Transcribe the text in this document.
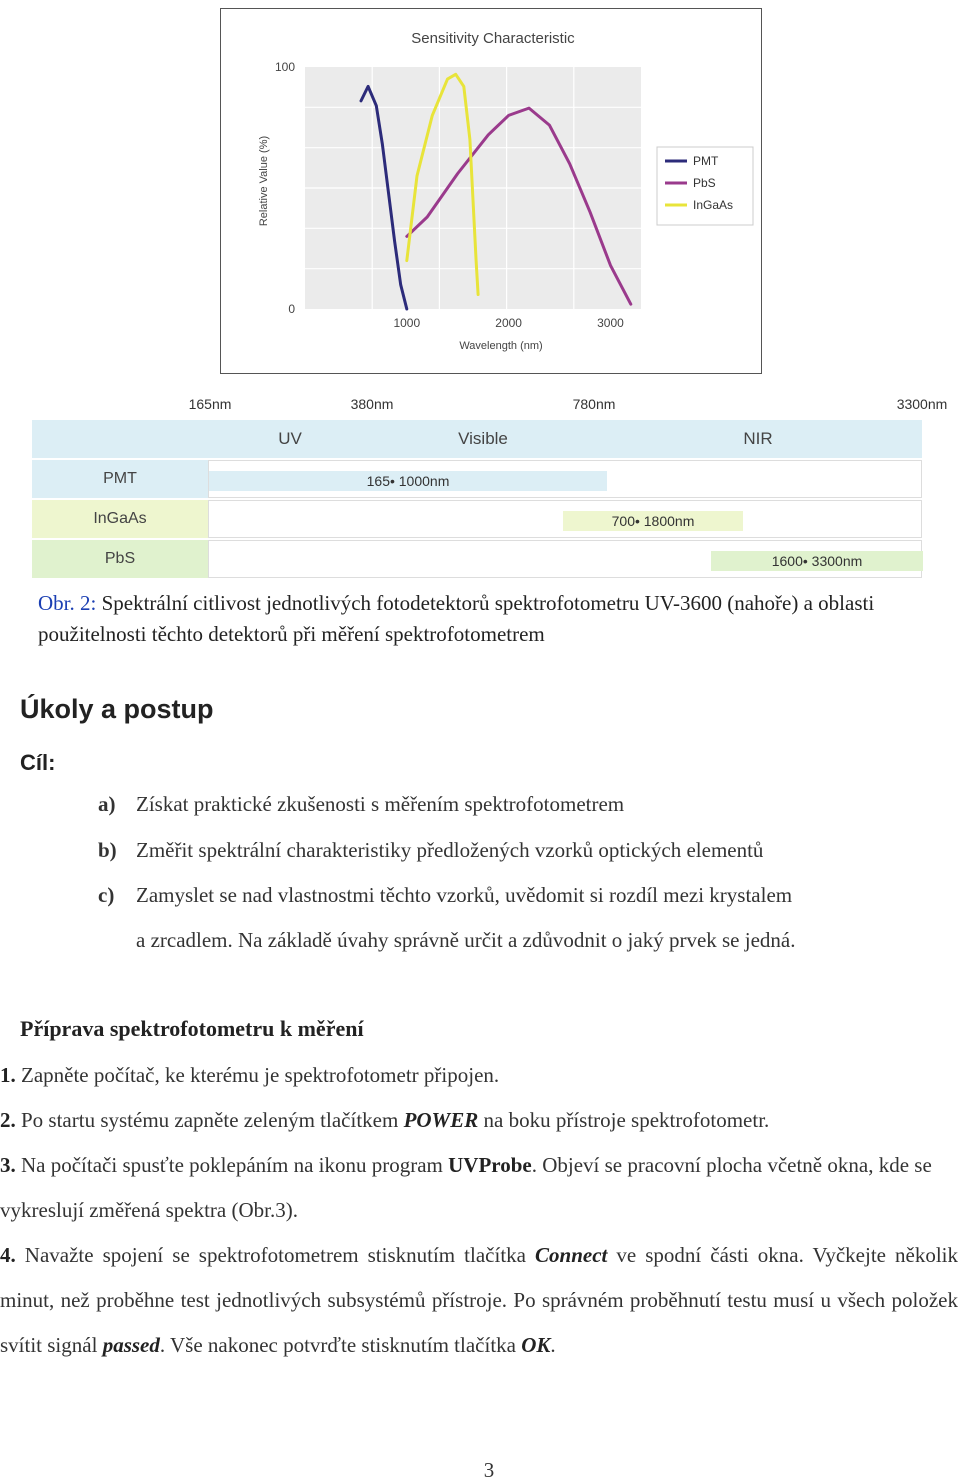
Sensitivity Characteristic
Wavelength (nm)
Relative Value (%)
1000	2000	3000
0
100
PMT
PbS
InGaAs
165nm	380nm	780nm	3300nm
UV	Visible	NIR
PMT	165• 1000nm
InGaAs	700• 1800nm
PbS	1600• 3300nm
Obr. 2: Spektrální citlivost jednotlivých fotodetektorů spektrofotometru UV-3600 (nahoře) a oblasti použitelnosti těchto detektorů při měření spektrofotometrem
Úkoly a postup
Cíl:
a) Získat praktické zkušenosti s měřením spektrofotometrem
b) Změřit spektrální charakteristiky předložených vzorků optických elementů
c) Zamyslet se nad vlastnostmi těchto vzorků, uvědomit si rozdíl mezi krystalem
a zrcadlem. Na základě úvahy správně určit a zdůvodnit o jaký prvek se jedná.
Příprava spektrofotometru k měření
1. Zapněte počítač, ke kterému je spektrofotometr připojen.
2. Po startu systému zapněte zeleným tlačítkem POWER na boku přístroje spektrofotometr.
3. Na počítači spusťte poklepáním na ikonu program UVProbe. Objeví se pracovní plocha včetně okna, kde se vykreslují změřená spektra (Obr.3).
4. Navažte spojení se spektrofotometrem stisknutím tlačítka Connect ve spodní části okna. Vyčkejte několik minut, než proběhne test jednotlivých subsystémů přístroje. Po správném proběhnutí testu musí u všech položek svítit signál passed. Vše nakonec potvrďte stisknutím tlačítka OK.
3
